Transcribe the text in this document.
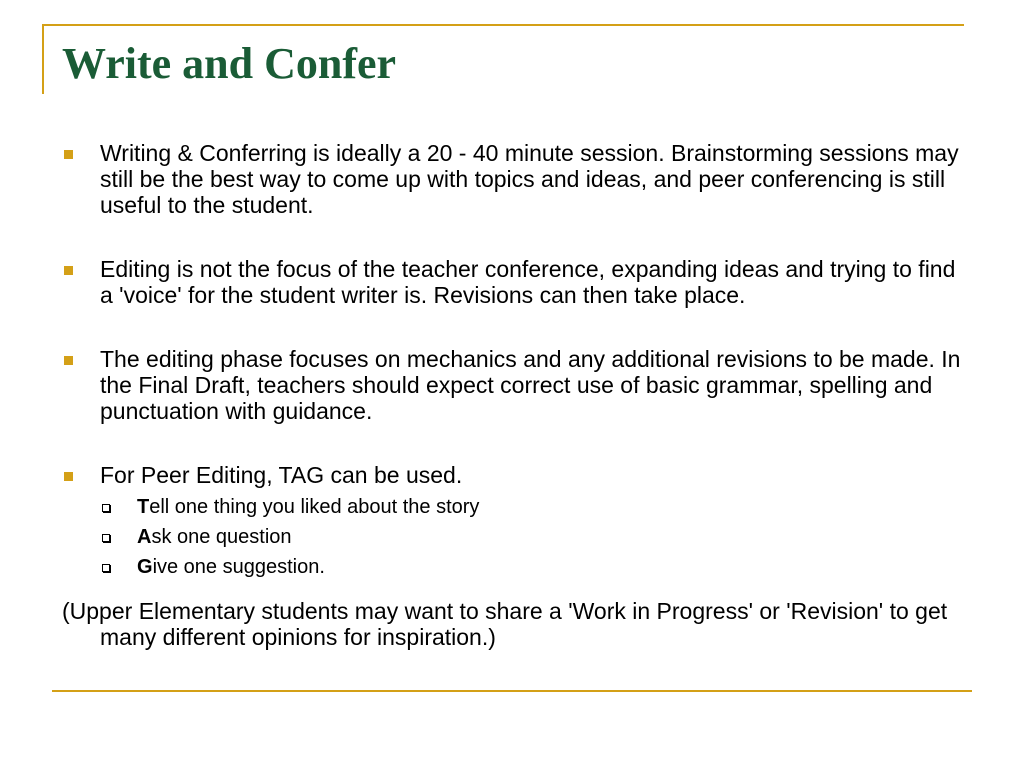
Write and Confer
Writing & Conferring is ideally a 20 - 40 minute session. Brainstorming sessions may still be the best way to come up with topics and ideas, and peer conferencing is still useful to the student.
Editing is not the focus of the teacher conference, expanding ideas and trying to find a 'voice' for the student writer is. Revisions can then take place.
The editing phase focuses on mechanics and any additional revisions to be made. In the Final Draft, teachers should expect correct use of basic grammar, spelling and punctuation with guidance.
For Peer Editing, TAG can be used.
Tell one thing you liked about the story
Ask one question
Give one suggestion.

(Upper Elementary students may want to share a 'Work in Progress' or 'Revision' to get many different opinions for inspiration.)
